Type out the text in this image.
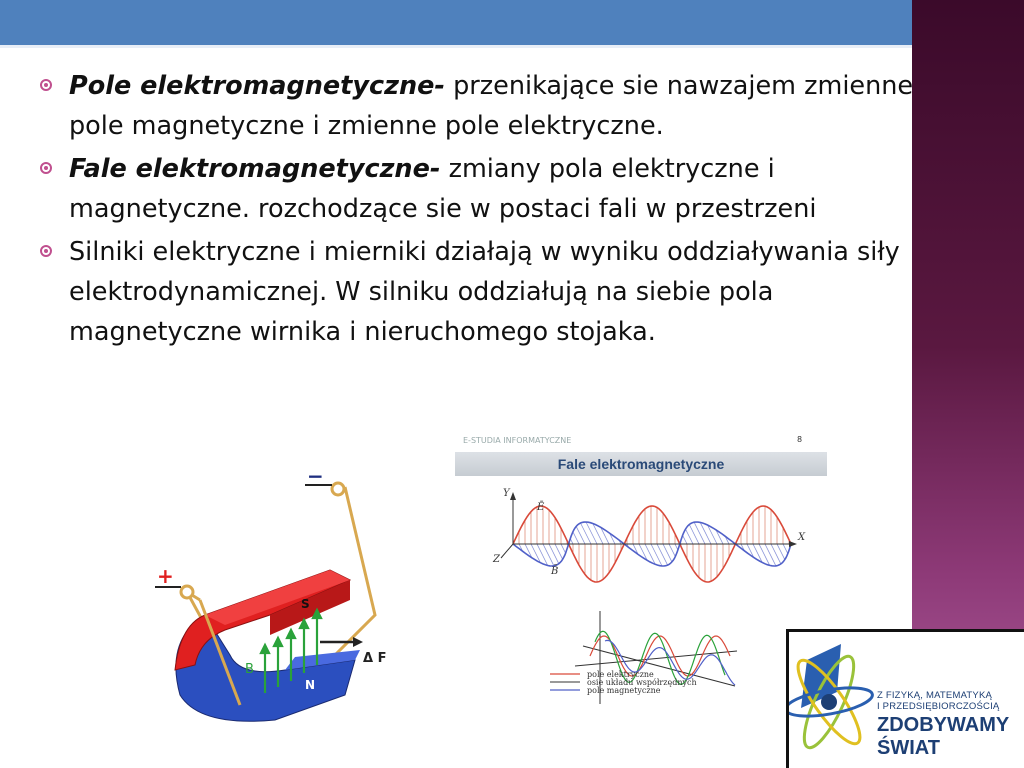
Pole elektromagnetyczne- przenikające sie nawzajem zmienne pole magnetyczne i zmienne pole elektryczne.
Fale elektromagnetyczne- zmiany pola elektryczne i magnetyczne. rozchodzące sie w postaci fali w przestrzeni
Silniki elektryczne i mierniki działają w wyniku oddziaływania siły elektrodynamicznej. W silniku oddziałują na siebie pola magnetyczne wirnika i nieruchomego stojaka.
−
+
S
N
B
Δ F
E-STUDIA INFORMATYCZNE	8
Fale elektromagnetyczne
Y
X
Z
Ē
B̄
pole elektryczne
osie układu współrzędnych
pole magnetyczne	Z FIZYKĄ, MATEMATYKĄ
I PRZEDSIĘBIORCZOŚCIĄ
ZDOBYWAMY
ŚWIAT
